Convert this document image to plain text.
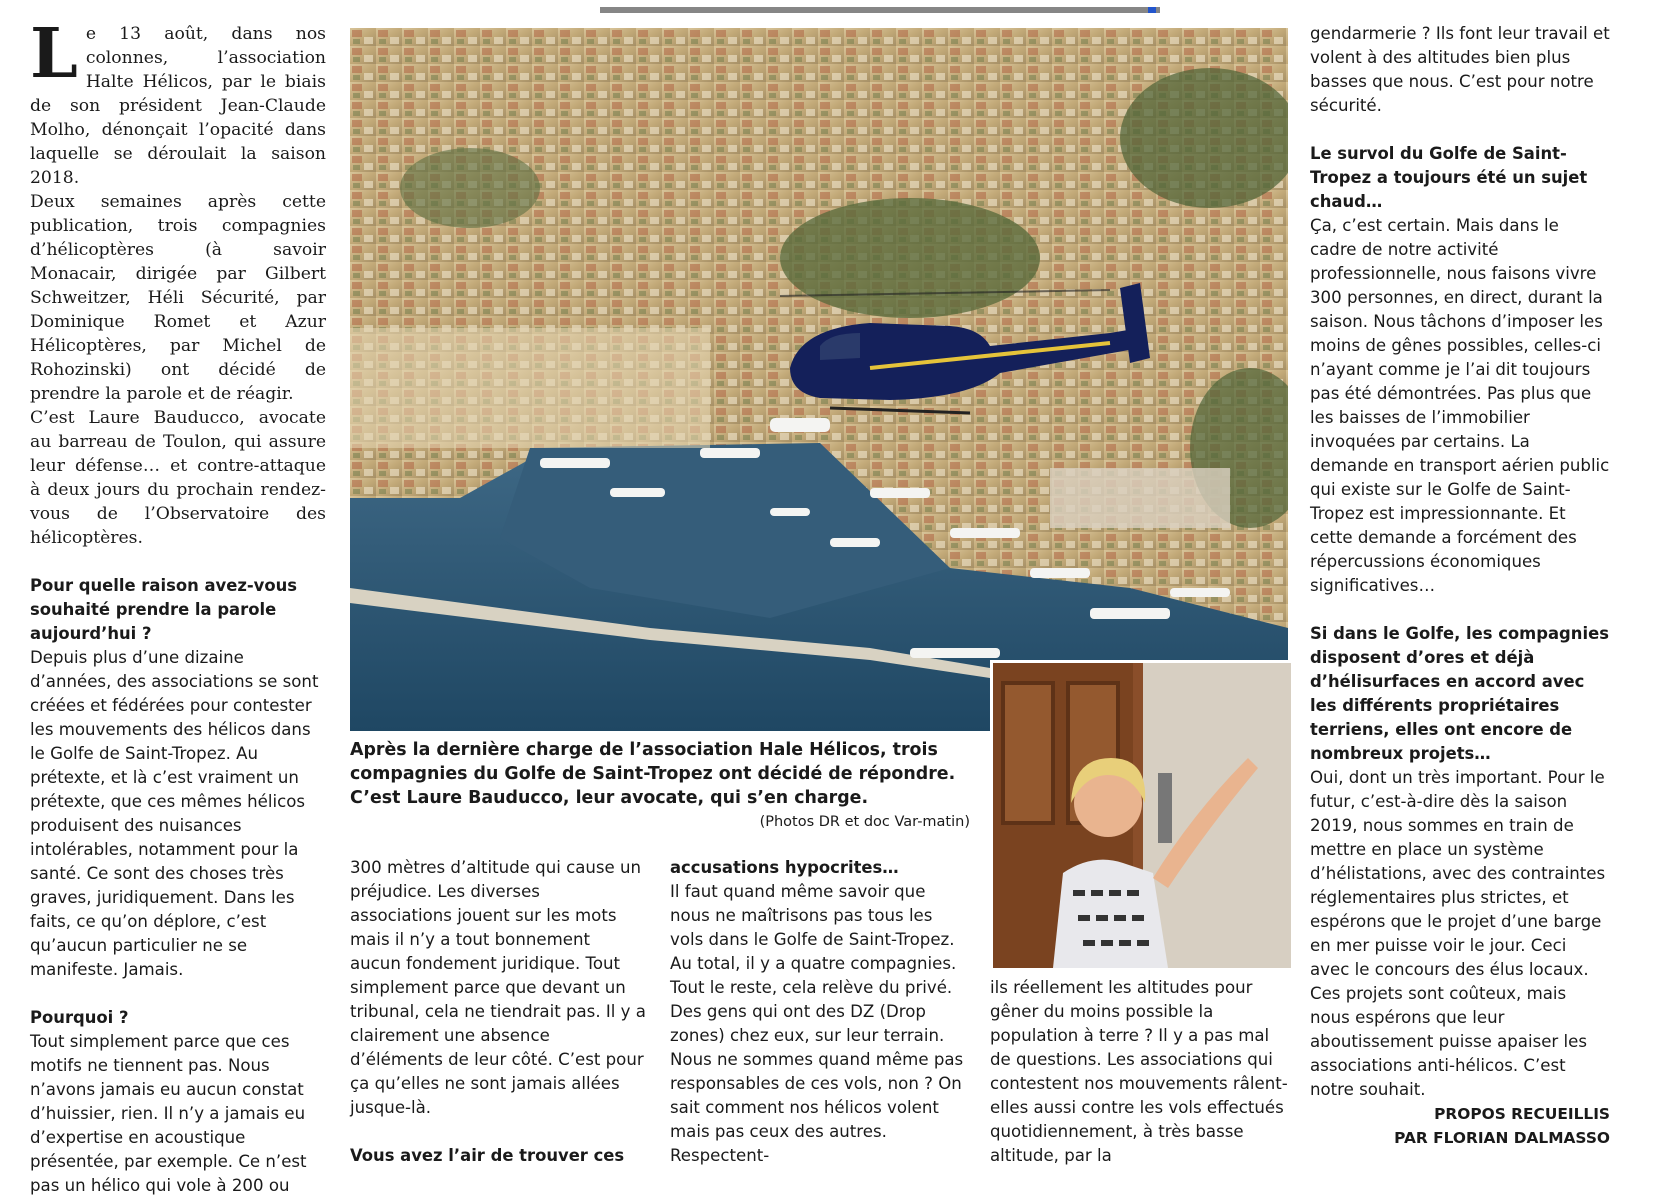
L e 13 août, dans nos colonnes, l’association Halte Hélicos, par le biais de son président Jean-Claude Molho, dénonçait l’opacité dans laquelle se déroulait la saison 2018.

Deux semaines après cette publication, trois compagnies d’hélicoptères (à savoir Monacair, dirigée par Gilbert Schweitzer, Héli Sécurité, par Dominique Romet et Azur Hélicoptères, par Michel de Rohozinski) ont décidé de prendre la parole et de réagir.

C’est Laure Bauducco, avocate au barreau de Toulon, qui assure leur défense… et contre-attaque à deux jours du prochain rendez-vous de l’Observatoire des hélicoptères.

Pour quelle raison avez-vous souhaité prendre la parole aujourd’hui ?

Depuis plus d’une dizaine d’années, des associations se sont créées et fédérées pour contester les mouvements des hélicos dans le Golfe de Saint-Tropez. Au prétexte, et là c’est vraiment un prétexte, que ces mêmes hélicos produisent des nuisances intolérables, notamment pour la santé. Ce sont des choses très graves, juridiquement. Dans les faits, ce qu’on déplore, c’est qu’aucun particulier ne se manifeste. Jamais.

Pourquoi ?

Tout simplement parce que ces motifs ne tiennent pas. Nous n’avons jamais eu aucun constat d’huissier, rien. Il n’y a jamais eu d’expertise en acoustique présentée, par exemple. Ce n’est pas un hélico qui vole à 200 ou

Après la dernière charge de l’association Hale Hélicos, trois compagnies du Golfe de Saint-Tropez ont décidé de répondre. C’est Laure Bauducco, leur avocate, qui s’en charge.

(Photos DR et doc Var-matin)

300 mètres d’altitude qui cause un préjudice. Les diverses associations jouent sur les mots mais il n’y a tout bonnement aucun fondement juridique. Tout simplement parce que devant un tribunal, cela ne tiendrait pas. Il y a clairement une absence d’éléments de leur côté. C’est pour ça qu’elles ne sont jamais allées jusque-là.

Vous avez l’air de trouver ces

accusations hypocrites…

Il faut quand même savoir que nous ne maîtrisons pas tous les vols dans le Golfe de Saint-Tropez. Au total, il y a quatre compagnies. Tout le reste, cela relève du privé. Des gens qui ont des DZ (Drop zones) chez eux, sur leur terrain. Nous ne sommes quand même pas responsables de ces vols, non ? On sait comment nos hélicos volent mais pas ceux des autres. Respectent-

ils réellement les altitudes pour gêner du moins possible la population à terre ? Il y a pas mal de questions. Les associations qui contestent nos mouvements râlent-elles aussi contre les vols effectués quotidiennement, à très basse altitude, par la

gendarmerie ? Ils font leur travail et volent à des altitudes bien plus basses que nous. C’est pour notre sécurité.

Le survol du Golfe de Saint-Tropez a toujours été un sujet chaud…

Ça, c’est certain. Mais dans le cadre de notre activité professionnelle, nous faisons vivre 300 personnes, en direct, durant la saison. Nous tâchons d’imposer les moins de gênes possibles, celles-ci n’ayant comme je l’ai dit toujours pas été démontrées. Pas plus que les baisses de l’immobilier invoquées par certains. La demande en transport aérien public qui existe sur le Golfe de Saint-Tropez est impressionnante. Et cette demande a forcément des répercussions économiques significatives…

Si dans le Golfe, les compagnies disposent d’ores et déjà d’hélisurfaces en accord avec les différents propriétaires terriens, elles ont encore de nombreux projets…

Oui, dont un très important. Pour le futur, c’est-à-dire dès la saison 2019, nous sommes en train de mettre en place un système d’hélistations, avec des contraintes réglementaires plus strictes, et espérons que le projet d’une barge en mer puisse voir le jour. Ceci avec le concours des élus locaux. Ces projets sont coûteux, mais nous espérons que leur aboutissement puisse apaiser les associations anti-hélicos. C’est notre souhait.

PROPOS RECUEILLIS

PAR FLORIAN DALMASSO
